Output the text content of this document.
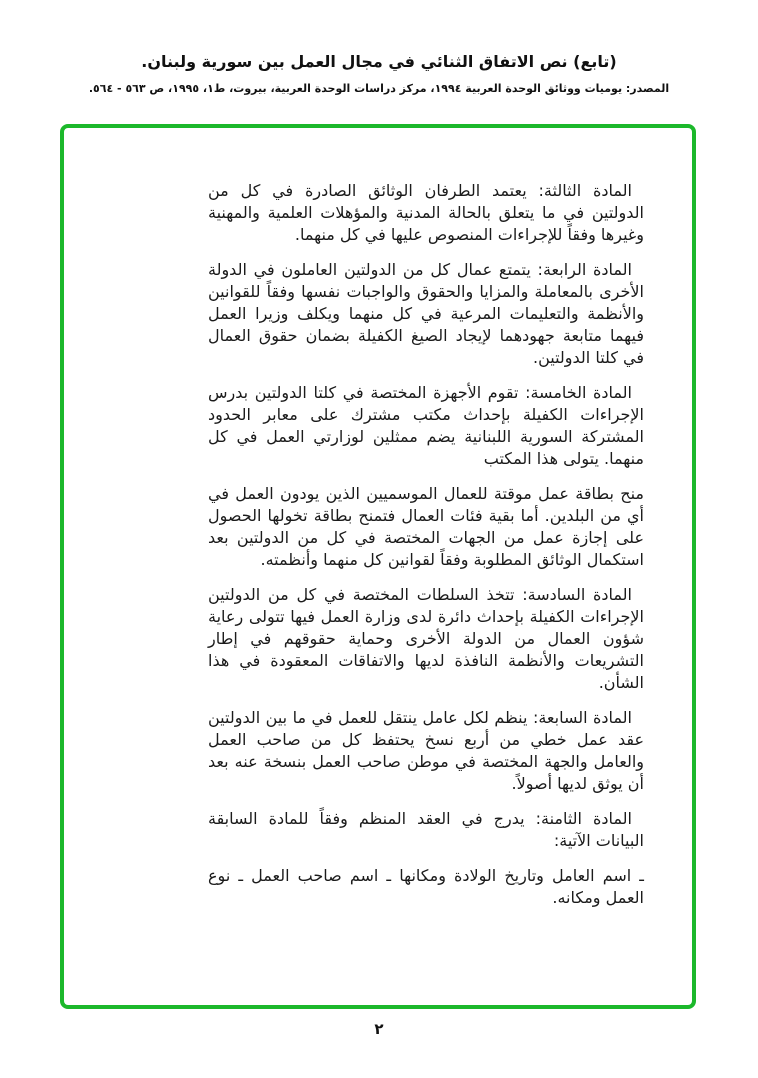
(تابع) نص الاتفاق الثنائي في مجال العمل بين سورية ولبنان.
المصدر: يوميات ووثائق الوحدة العربية ١٩٩٤، مركز دراسات الوحدة العربية، بيروت، ط١، ١٩٩٥، ص ٥٦٣ - ٥٦٤.

المادة الثالثة: يعتمد الطرفان الوثائق الصادرة في كل من الدولتين في ما يتعلق بالحالة المدنية والمؤهلات العلمية والمهنية وغيرها وفقاً للإجراءات المنصوص عليها في كل منهما.

المادة الرابعة: يتمتع عمال كل من الدولتين العاملون في الدولة الأخرى بالمعاملة والمزايا والحقوق والواجبات نفسها وفقاً للقوانين والأنظمة والتعليمات المرعية في كل منهما ويكلف وزيرا العمل فيهما متابعة جهودهما لإيجاد الصيغ الكفيلة بضمان حقوق العمال في كلتا الدولتين.

المادة الخامسة: تقوم الأجهزة المختصة في كلتا الدولتين بدرس الإجراءات الكفيلة بإحداث مكتب مشترك على معابر الحدود المشتركة السورية اللبنانية يضم ممثلين لوزارتي العمل في كل منهما. يتولى هذا المكتب

منح بطاقة عمل موقتة للعمال الموسميين الذين يودون العمل في أي من البلدين. أما بقية فئات العمال فتمنح بطاقة تخولها الحصول على إجازة عمل من الجهات المختصة في كل من الدولتين بعد استكمال الوثائق المطلوبة وفقاً لقوانين كل منهما وأنظمته.

المادة السادسة: تتخذ السلطات المختصة في كل من الدولتين الإجراءات الكفيلة بإحداث دائرة لدى وزارة العمل فيها تتولى رعاية شؤون العمال من الدولة الأخرى وحماية حقوقهم في إطار التشريعات والأنظمة النافذة لديها والاتفاقات المعقودة في هذا الشأن.

المادة السابعة: ينظم لكل عامل ينتقل للعمل في ما بين الدولتين عقد عمل خطي من أربع نسخ يحتفظ كل من صاحب العمل والعامل والجهة المختصة في موطن صاحب العمل بنسخة عنه بعد أن يوثق لديها أصولاً.

المادة الثامنة: يدرج في العقد المنظم وفقاً للمادة السابقة البيانات الآتية:

ـ اسم العامل وتاريخ الولادة ومكانها ـ اسم صاحب العمل ـ نوع العمل ومكانه.

٢
